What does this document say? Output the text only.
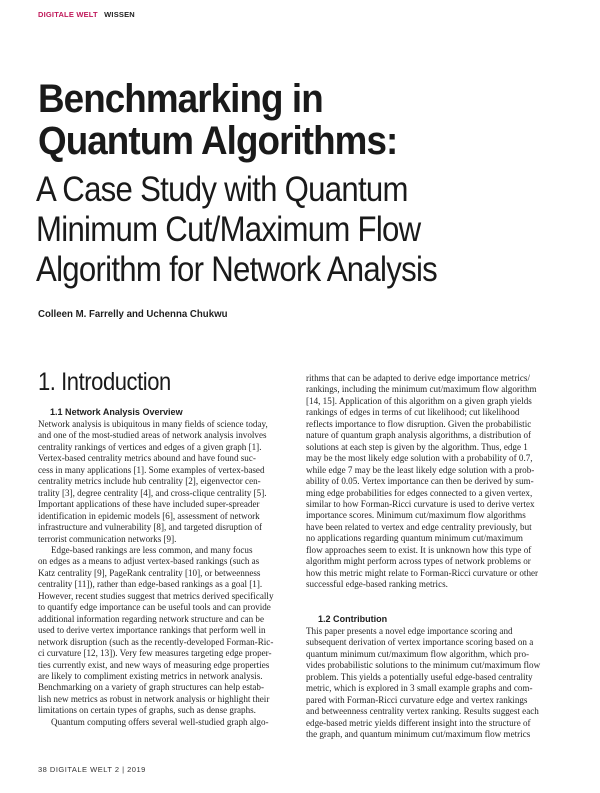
DIGITALE WELT WISSEN
Benchmarking in
Quantum Algorithms:
A Case Study with Quantum
Minimum Cut/Maximum Flow
Algorithm for Network Analysis
Colleen M. Farrelly and Uchenna Chukwu
1. Introduction
1.1 Network Analysis Overview
Network analysis is ubiquitous in many fields of science today,
and one of the most-studied areas of network analysis involves
centrality rankings of vertices and edges of a given graph [1].
Vertex-based centrality metrics abound and have found suc-
cess in many applications [1]. Some examples of vertex-based
centrality metrics include hub centrality [2], eigenvector cen-
trality [3], degree centrality [4], and cross-clique centrality [5].
Important applications of these have included super-spreader
identification in epidemic models [6], assessment of network
infrastructure and vulnerability [8], and targeted disruption of
terrorist communication networks [9].
Edge-based rankings are less common, and many focus
on edges as a means to adjust vertex-based rankings (such as
Katz centrality [9], PageRank centrality [10], or betweenness
centrality [11]), rather than edge-based rankings as a goal [1].
However, recent studies suggest that metrics derived specifically
to quantify edge importance can be useful tools and can provide
additional information regarding network structure and can be
used to derive vertex importance rankings that perform well in
network disruption (such as the recently-developed Forman-Ric-
ci curvature [12, 13]). Very few measures targeting edge proper-
ties currently exist, and new ways of measuring edge properties
are likely to compliment existing metrics in network analysis.
Benchmarking on a variety of graph structures can help estab-
lish new metrics as robust in network analysis or highlight their
limitations on certain types of graphs, such as dense graphs.
Quantum computing offers several well-studied graph algo-
rithms that can be adapted to derive edge importance metrics/
rankings, including the minimum cut/maximum flow algorithm
[14, 15]. Application of this algorithm on a given graph yields
rankings of edges in terms of cut likelihood; cut likelihood
reflects importance to flow disruption. Given the probabilistic
nature of quantum graph analysis algorithms, a distribution of
solutions at each step is given by the algorithm. Thus, edge 1
may be the most likely edge solution with a probability of 0.7,
while edge 7 may be the least likely edge solution with a prob-
ability of 0.05. Vertex importance can then be derived by sum-
ming edge probabilities for edges connected to a given vertex,
similar to how Forman-Ricci curvature is used to derive vertex
importance scores. Minimum cut/maximum flow algorithms
have been related to vertex and edge centrality previously, but
no applications regarding quantum minimum cut/maximum
flow approaches seem to exist. It is unknown how this type of
algorithm might perform across types of network problems or
how this metric might relate to Forman-Ricci curvature or other
successful edge-based ranking metrics.
1.2 Contribution
This paper presents a novel edge importance scoring and
subsequent derivation of vertex importance scoring based on a
quantum minimum cut/maximum flow algorithm, which pro-
vides probabilistic solutions to the minimum cut/maximum flow
problem. This yields a potentially useful edge-based centrality
metric, which is explored in 3 small example graphs and com-
pared with Forman-Ricci curvature edge and vertex rankings
and betweenness centrality vertex ranking. Results suggest each
edge-based metric yields different insight into the structure of
the graph, and quantum minimum cut/maximum flow metrics
38 DIGITALE WELT 2 | 2019
